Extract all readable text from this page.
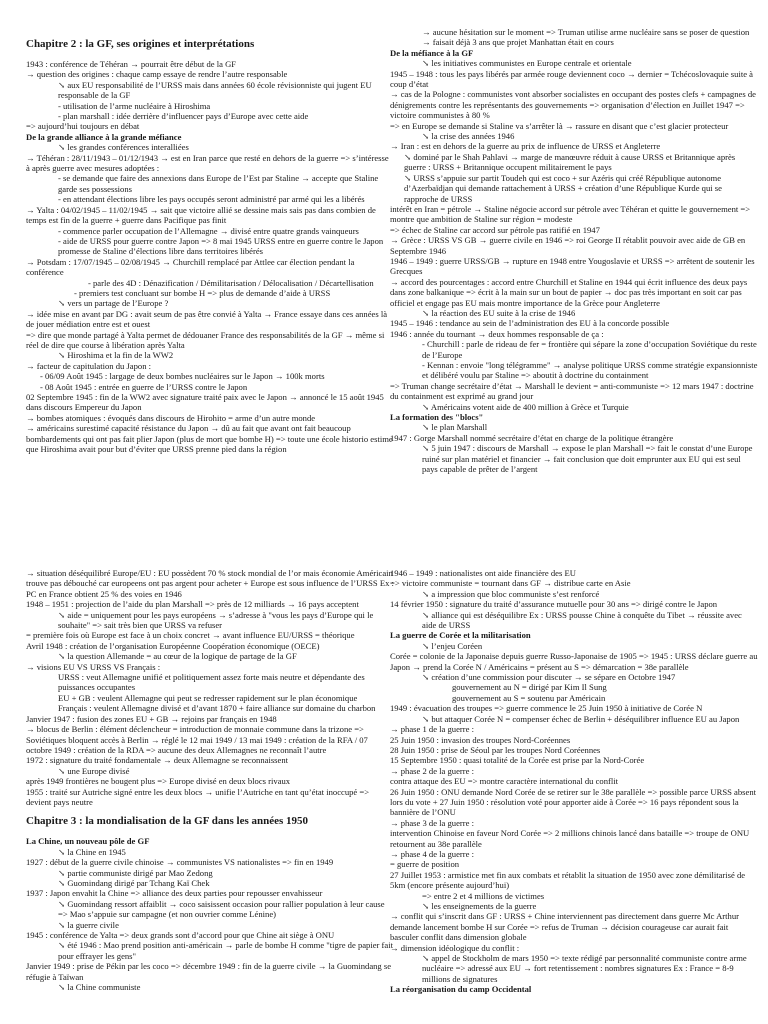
Chapitre 2 : la GF, ses origines et interprétations
1943 : conférence de Téhéran → pourrait être début de la GF
→ question des origines : chaque camp essaye de rendre l’autre responsable
↘ aux EU responsabilité de l’URSS mais dans années 60 école révisionniste qui jugent EU responsable de la GF
- utilisation de l’arme nucléaire à Hiroshima
- plan marshall : idée derrière d’influencer pays d’Europe avec cette aide
=> aujourd’hui toujours en débat
De la grande alliance à la grande méfiance
↘ les grandes conférences interalliées
→ Téhéran : 28/11/1943 – 01/12/1943 → est en Iran parce que resté en dehors de la guerre => s’intéresse à après guerre avec mesures adoptées :
- se demande que faire des annexions dans Europe de l’Est par Staline → accepte que Staline garde ses possessions
- en attendant élections libre les pays occupés seront administré par armé qui les a libérés
→ Yalta : 04/02/1945 – 11/02/1945 → sait que victoire allié se dessine mais sais pas dans combien de temps est fin de la guerre + guerre dans Pacifique pas finit
- commence parler occupation de l’Allemagne → divisé entre quatre grands vainqueurs
- aide de URSS pour guerre contre Japon => 8 mai 1945 URSS entre en guerre contre le Japon
promesse de Staline d’élections libre dans territoires libérés
→ Potsdam : 17/07/1945 – 02/08/1945 → Churchill remplacé par Attlee car élection pendant la conférence
- parle des 4D : Dénazification / Démilitarisation / Délocalisation / Décartellisation
- premiers test concluant sur bombe H => plus de demande d’aide à URSS
↘ vers un partage de l’Europe ?
→ idée mise en avant par DG : avait seum de pas être convié à Yalta → France essaye dans ces années là de jouer médiation entre est et ouest
=> dire que monde partagé à Yalta permet de dédouaner France des responsabilités de la GF → même si réel de dire que course à libération après Yalta
↘ Hiroshima et la fin de la WW2
→ facteur de capitulation du Japon :
- 06/09 Août 1945 : largage de deux bombes nucléaires sur le Japon → 100k morts
- 08 Août 1945 : entrée en guerre de l’URSS contre le Japon
02 Septembre 1945 : fin de la WW2 avec signature traité paix avec le Japon → annoncé le 15 août 1945 dans discours Empereur du Japon
→ bombes atomiques : évoqués dans discours de Hirohito = arme d’un autre monde
→ américains surestimé capacité résistance du Japon → dû au fait que avant ont fait beaucoup bombardements qui ont pas fait plier Japon (plus de mort que bombe H) => toute une école historio estime que Hiroshima avait pour but d’éviter que URSS prenne pied dans la région
→ aucune hésitation sur le moment => Truman utilise arme nucléaire sans se poser de question → faisait déjà 3 ans que projet Manhattan était en cours
De la méfiance à la GF
↘ les initiatives communistes en Europe centrale et orientale
1945 – 1948 : tous les pays libérés par armée rouge deviennent coco → dernier = Tchécoslovaquie suite à coup d’état
→ cas de la Pologne : communistes vont absorber socialistes en occupant des postes clefs + campagnes de dénigrements contre les représentants des gouvernements => organisation d’élection en Juillet 1947 => victoire communistes à 80 %
=> en Europe se demande si Staline va s’arrêter là → rassure en disant que c’est glacier protecteur
↘ la crise des années 1946
→ Iran : est en dehors de la guerre au prix de influence de URSS et Angleterre
↘ dominé par le Shah Pahlavi → marge de manœuvre réduit à cause URSS et Britannique après guerre : URSS + Britannique occupent militairement le pays
↘ URSS s’appuie sur partit Toudeh qui est coco + sur Azéris qui créé République autonome d’Azerbaïdjan qui demande rattachement à URSS + création d’une République Kurde qui se rapproche de URSS
intérêt en Iran = pétrole → Staline négocie accord sur pétrole avec Téhéran et quitte le gouvernement => montre que ambition de Staline sur région = modeste
=> échec de Staline car accord sur pétrole pas ratifié en 1947
→ Grèce : URSS VS GB → guerre civile en 1946 => roi George II rétablit pouvoir avec aide de GB en Septembre 1946
1946 – 1949 : guerre URSS/GB → rupture en 1948 entre Yougoslavie et URSS => arrêtent de soutenir les Grecques
→ accord des pourcentages : accord entre Churchill et Staline en 1944 qui écrit influence des deux pays dans zone balkanique => écrit à la main sur un bout de papier → doc pas très important en soit car pas officiel et engage pas EU mais montre importance de la Grèce pour Angleterre
↘ la réaction des EU suite à la crise de 1946
1945 – 1946 : tendance au sein de l’administration des EU à la concorde possible
1946 : année du tournant → deux hommes responsable de ça :
- Churchill : parle de rideau de fer = frontière qui sépare la zone d’occupation Soviétique du reste de l’Europe
- Kennan : envoie "long télégramme" → analyse politique URSS comme stratégie expansionniste et délibéré voulu par Staline => aboutit à doctrine du containment
=> Truman change secrétaire d’état → Marshall le devient = anti-communiste => 12 mars 1947 : doctrine du containment est exprimé au grand jour
↘ Américains votent aide de 400 million à Grèce et Turquie
La formation des "blocs"
↘ le plan Marshall
1947 : Gorge Marshall nommé secrétaire d’état en charge de la politique étrangère
↘ 5 juin 1947 : discours de Marshall → expose le plan Marshall => fait le constat d’une Europe ruiné sur plan matériel et financier → fait conclusion que doit emprunter aux EU qui est seul pays capable de prêter de l’argent
→ situation déséquilibré Europe/EU : EU possèdent 70 % stock mondial de l’or mais économie Américain trouve pas débouché car europeens ont pas argent pour acheter + Europe est sous influence de l’URSS Ex : PC en France obtient 25 % des voies en 1946
1948 – 1951 : projection de l’aide du plan Marshall => près de 12 milliards → 16 pays acceptent
↘ aide = uniquement pour les pays européens → s’adresse à "vous les pays d’Europe qui le souhaite" => sait très bien que URSS va refuser
= première fois où Europe est face à un choix concret → avant influence EU/URSS = théorique
Avril 1948 : création de l’organisation Européenne Coopération économique (OECE)
↘ la question Allemande = au cœur de la logique de partage de la GF
→ visions EU VS URSS VS Français :
URSS : veut Allemagne unifié et politiquement assez forte mais neutre et dépendante des puissances occupantes
EU + GB : veulent Allemagne qui peut se redresser rapidement sur le plan économique
Français : veulent Allemagne divisé et d’avant 1870 + faire alliance sur domaine du charbon
Janvier 1947 : fusion des zones EU + GB → rejoins par français en 1948
→ blocus de Berlin : élément déclencheur = introduction de monnaie commune dans la trizone => Soviétiques bloquent accès à Berlin → réglé le 12 mai 1949 / 13 mai 1949 : création de la RFA / 07 octobre 1949 : création de la RDA => aucune des deux Allemagnes ne reconnaît l’autre
1972 : signature du traité fondamentale → deux Allemagne se reconnaissent
↘ une Europe divisé
après 1949 frontières ne bougent plus => Europe divisé en deux blocs rivaux
1955 : traité sur Autriche signé entre les deux blocs → unifie l’Autriche en tant qu’état inoccupé => devient pays neutre
Chapitre 3 : la mondialisation de la GF dans les années 1950
La Chine, un nouveau pôle de GF
↘ la Chine en 1945
1927 : début de la guerre civile chinoise → communistes VS nationalistes => fin en 1949
↘ partie communiste dirigé par Mao Zedong
↘ Guomindang dirigé par Tchang Kaï Chek
1937 : Japon envahit la Chine => alliance des deux parties pour repousser envahisseur
↘ Guomindang ressort affaiblit → coco saisissent occasion pour rallier population à leur cause => Mao s’appuie sur campagne (et non ouvrier comme Lénine)
↘ la guerre civile
1945 : conférence de Yalta => deux grands sont d’accord pour que Chine ait siège à ONU
↘ été 1946 : Mao prend position anti-américain → parle de bombe H comme "tigre de papier fait pour effrayer les gens"
Janvier 1949 : prise de Pékin par les coco => décembre 1949 : fin de la guerre civile → la Guomindang se réfugie à Taïwan
↘ la Chine communiste
1946 – 1949 : nationalistes ont aide financière des EU
=> victoire communiste = tournant dans GF → distribue carte en Asie
↘ a impression que bloc communiste s’est renforcé
14 février 1950 : signature du traité d’assurance mutuelle pour 30 ans => dirigé contre le Japon
↘ alliance qui est déséquilibre Ex : URSS pousse Chine à conquête du Tibet → réussite avec aide de URSS
La guerre de Corée et la militarisation
↘ l’enjeu Coréen
Corée = colonie de la Japonaise depuis guerre Russo-Japonaise de 1905 => 1945 : URSS déclare guerre au Japon → prend la Corée N / Américains = présent au S => démarcation = 38e parallèle
↘ création d’une commission pour discuter → se sépare en Octobre 1947
gouvernement au N = dirigé par Kim Il Sung
gouvernement au S = soutenu par Américain
1949 : évacuation des troupes => guerre commence le 25 Juin 1950 à initiative de Corée N
↘ but attaquer Corée N = compenser échec de Berlin + déséquilibrer influence EU au Japon
→ phase 1 de la guerre :
25 Juin 1950 : invasion des troupes Nord-Coréennes
28 Juin 1950 : prise de Séoul par les troupes Nord Coréennes
15 Septembre 1950 : quasi totalité de la Corée est prise par la Nord-Corée
→ phase 2 de la guerre :
contra attaque des EU => montre caractère international du conflit
26 Juin 1950 : ONU demande Nord Corée de se retirer sur le 38e parallèle => possible parce URSS absent lors du vote + 27 Juin 1950 : résolution voté pour apporter aide à Corée => 16 pays répondent sous la bannière de l’ONU
→ phase 3 de la guerre :
intervention Chinoise en faveur Nord Corée => 2 millions chinois lancé dans bataille => troupe de ONU retournent au 38e parallèle
→ phase 4 de la guerre :
= guerre de position
27 Juillet 1953 : armistice met fin aux combats et rétablit la situation de 1950 avec zone démilitarisé de 5km (encore présente aujourd’hui)
=> entre 2 et 4 millions de victimes
↘ les enseignements de la guerre
→ conflit qui s’inscrit dans GF : URSS + Chine interviennent pas directement dans guerre Mc Arthur demande lancement bombe H sur Corée => refus de Truman → décision courageuse car aurait fait basculer conflit dans dimension globale
→ dimension idéologique du conflit :
↘ appel de Stockholm de mars 1950 => texte rédigé par personnalité communiste contre arme nucléaire => adressé aux EU → fort retentissement : nombres signatures Ex : France = 8-9 millions de signatures
La réorganisation du camp Occidental
